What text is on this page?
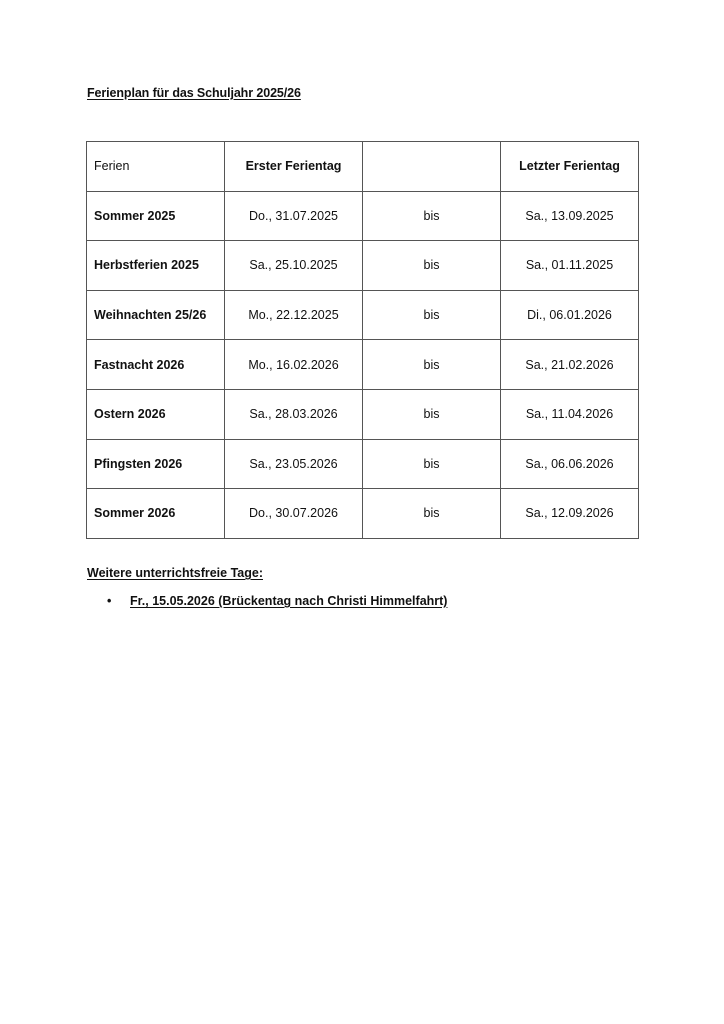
Ferienplan für das Schuljahr 2025/26
Ferien	Erster Ferientag		Letzter Ferientag
Sommer 2025	Do., 31.07.2025	bis	Sa., 13.09.2025
Herbstferien 2025	Sa., 25.10.2025	bis	Sa., 01.11.2025
Weihnachten 25/26	Mo., 22.12.2025	bis	Di., 06.01.2026
Fastnacht 2026	Mo., 16.02.2026	bis	Sa., 21.02.2026
Ostern 2026	Sa., 28.03.2026	bis	Sa., 11.04.2026
Pfingsten 2026	Sa., 23.05.2026	bis	Sa., 06.06.2026
Sommer 2026	Do., 30.07.2026	bis	Sa., 12.09.2026
Weitere unterrichtsfreie Tage:
•	Fr., 15.05.2026 (Brückentag nach Christi Himmelfahrt)
